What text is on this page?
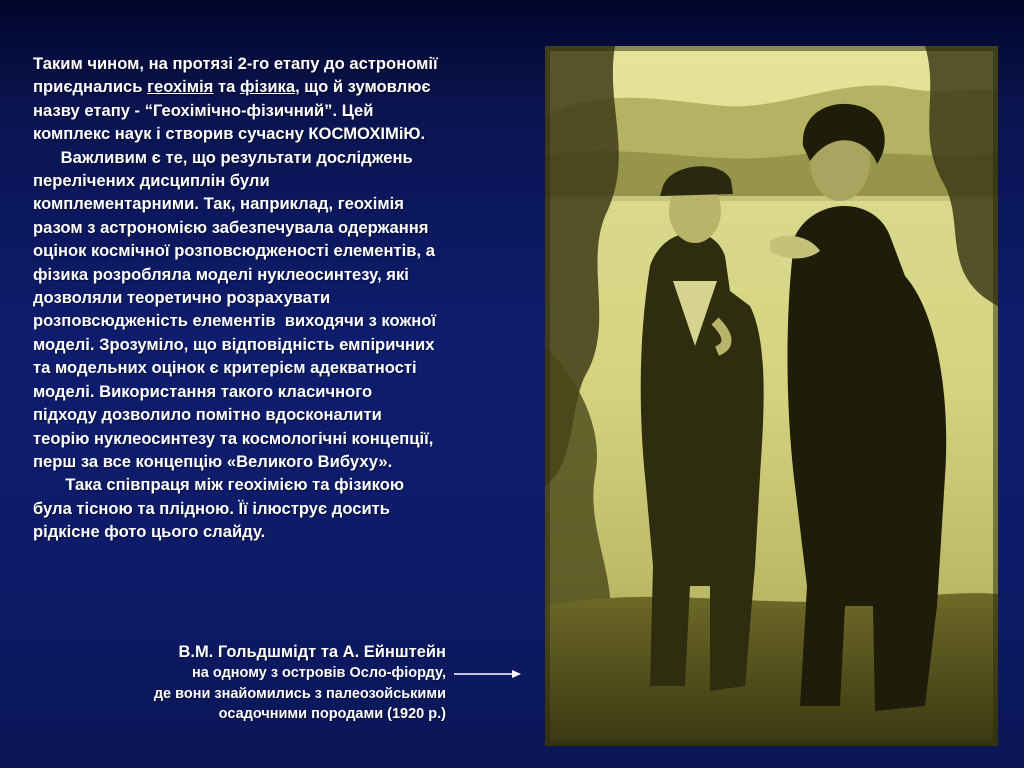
Таким чином, на протязі 2-го етапу до астрономії
приєднались геохімія та фізика, що й зумовлює
назву етапу - “Геохімічно-фізичний”. Цей
комплекс наук і створив сучасну КОСМОХІМіЮ.
Важливим є те, що результати досліджень
перелічених дисциплін були
комплементарними. Так, наприклад, геохімія
разом з астрономією забезпечувала одержання
оцінок космічної розповсюдженості елементів, а
фізика розробляла моделі нуклеосинтезу, які
дозволяли теоретично розрахувати
розповсюдженість елементів  виходячи з кожної
моделі. Зрозуміло, що відповідність емпіричних
та модельних оцінок є критерієм адекватності
моделі. Використання такого класичного
підходу дозволило помітно вдосконалити
теорію нуклеосинтезу та космологічні концепції,
перш за все концепцію «Великого Вибуху».
Така співпраця між геохімією та фізикою
була тісною та плідною. Її ілюструє досить
рідкісне фото цього слайду.
В.М. Гольдшмідт та А. Ейнштейн
на одному з островів Осло-фіорду,
де вони знайомились з палеозойськими
осадочними породами (1920 р.)
